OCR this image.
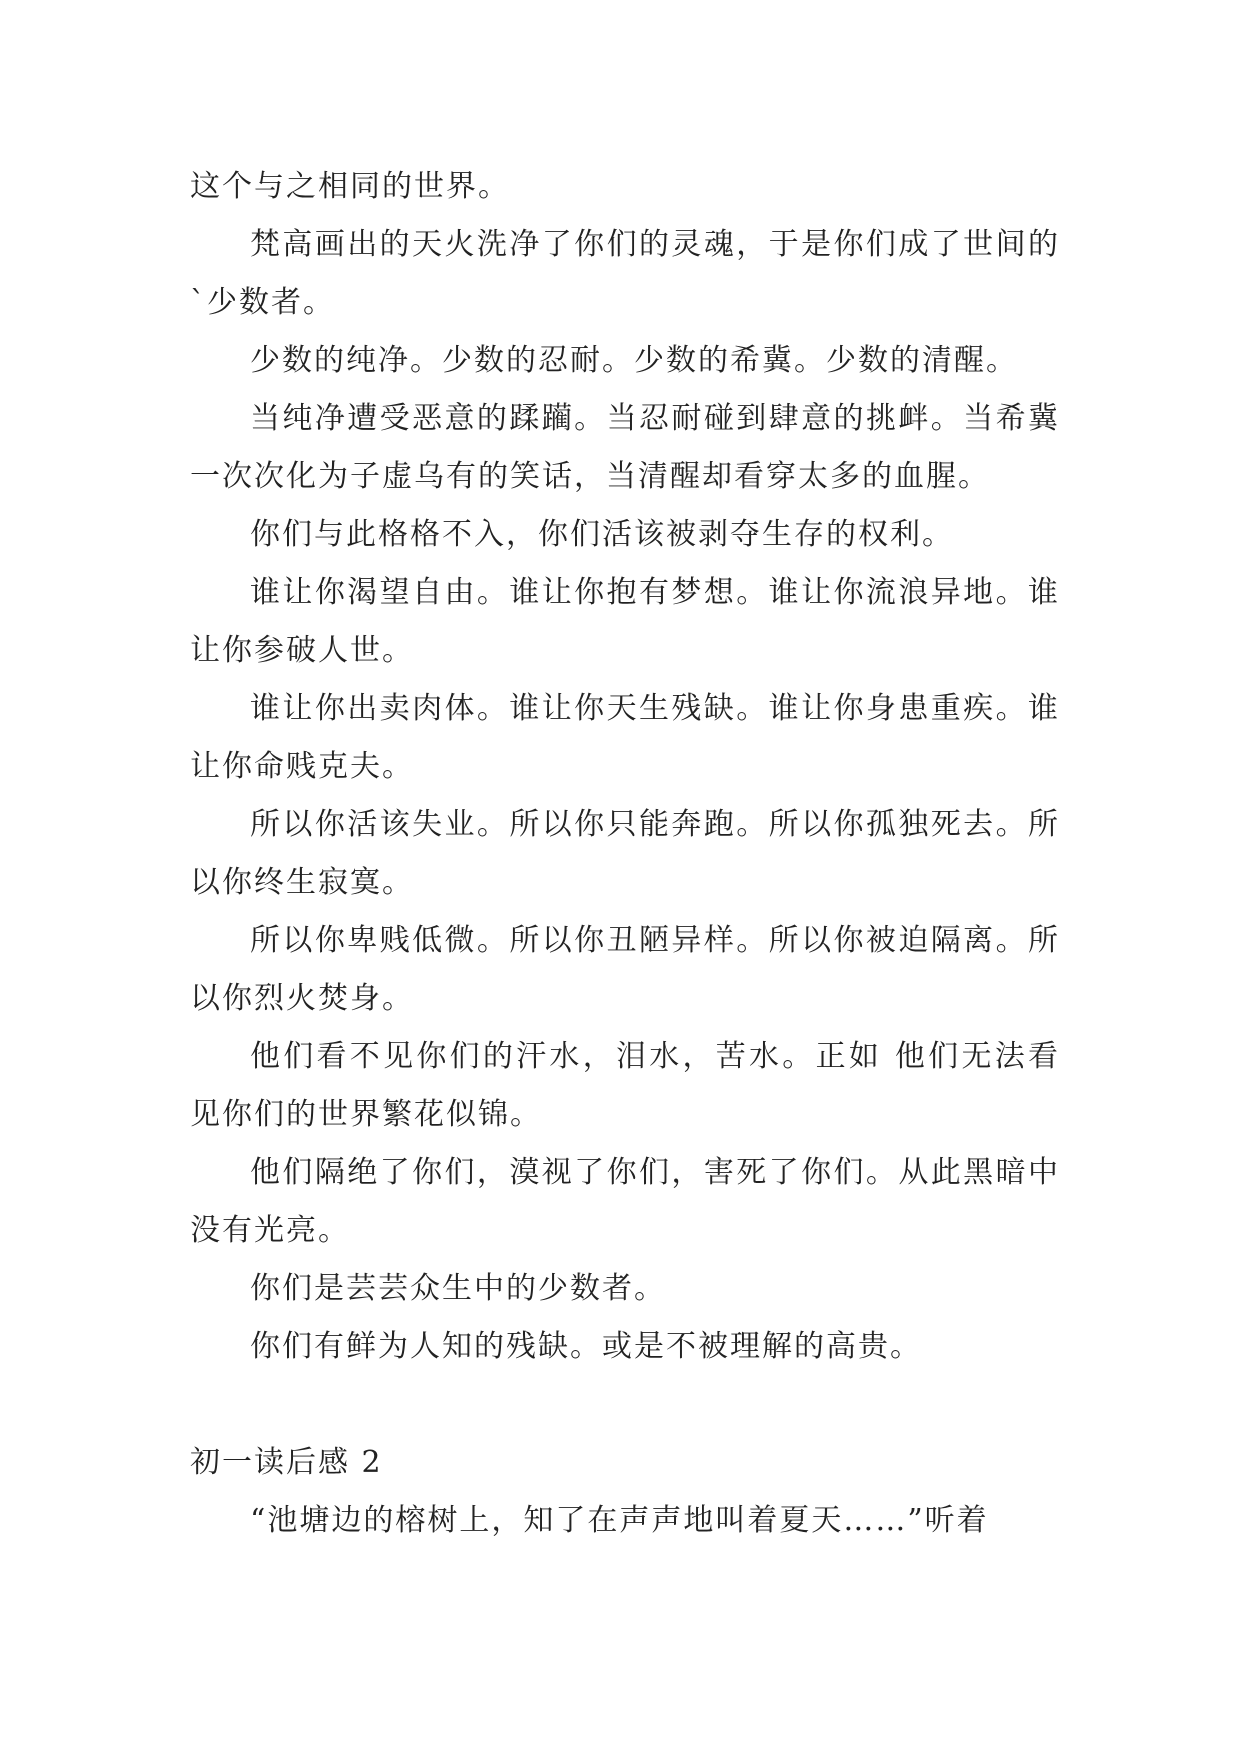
这个与之相同的世界。

梵高画出的天火洗净了你们的灵魂，于是你们成了世间的`少数者。

少数的纯净。少数的忍耐。少数的希冀。少数的清醒。

当纯净遭受恶意的蹂躏。当忍耐碰到肆意的挑衅。当希冀一次次化为子虚乌有的笑话，当清醒却看穿太多的血腥。

你们与此格格不入，你们活该被剥夺生存的权利。

谁让你渴望自由。谁让你抱有梦想。谁让你流浪异地。谁让你参破人世。

谁让你出卖肉体。谁让你天生残缺。谁让你身患重疾。谁让你命贱克夫。

所以你活该失业。所以你只能奔跑。所以你孤独死去。所以你终生寂寞。

所以你卑贱低微。所以你丑陋异样。所以你被迫隔离。所以你烈火焚身。

他们看不见你们的汗水，泪水，苦水。正如 他们无法看见你们的世界繁花似锦。

他们隔绝了你们，漠视了你们，害死了你们。从此黑暗中没有光亮。

你们是芸芸众生中的少数者。

你们有鲜为人知的残缺。或是不被理解的高贵。

初一读后感 2

“池塘边的榕树上，知了在声声地叫着夏天……”听着
